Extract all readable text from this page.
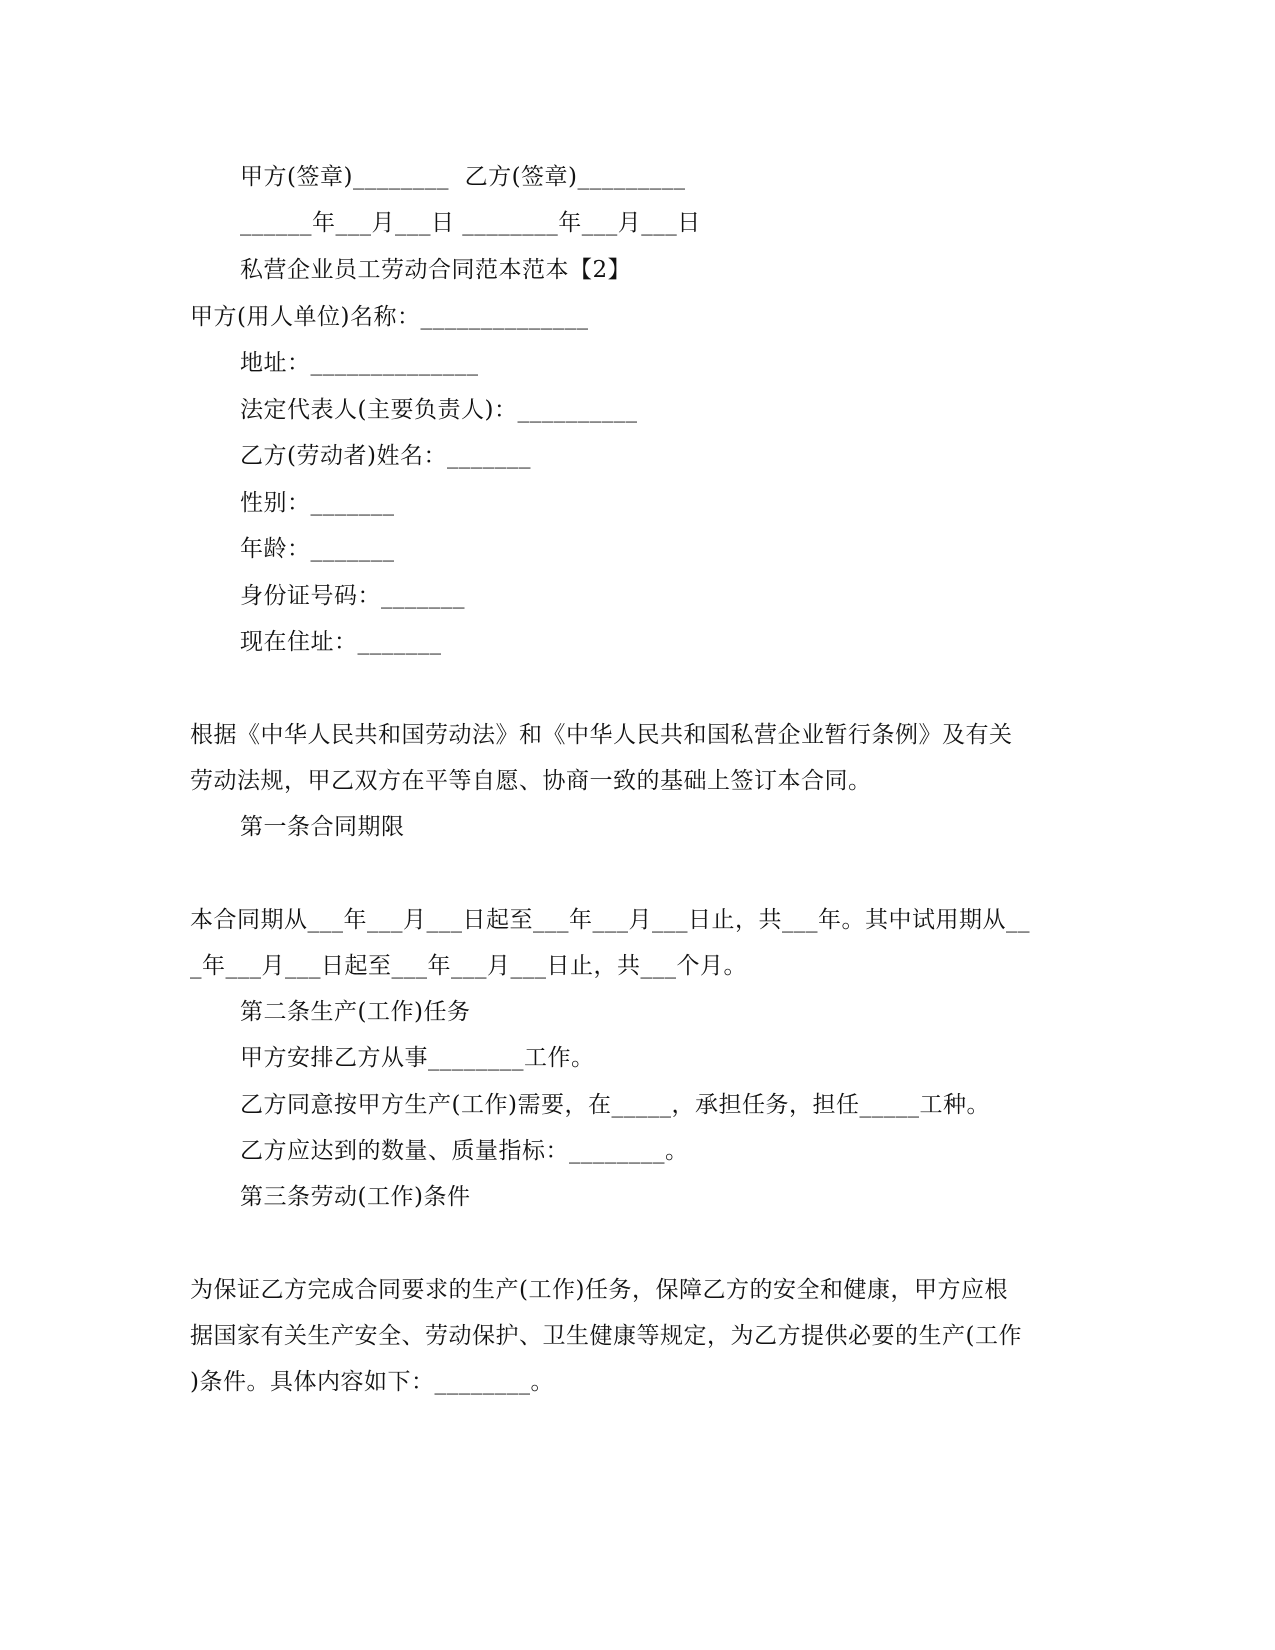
甲方(签章)________  乙方(签章)_________
______年___月___日 ________年___月___日
私营企业员工劳动合同范本范本【2】
甲方(用人单位)名称：______________
地址：______________
法定代表人(主要负责人)：__________
乙方(劳动者)姓名：_______
性别：_______
年龄：_______
身份证号码：_______
现在住址：_______
根据《中华人民共和国劳动法》和《中华人民共和国私营企业暂行条例》及有关
劳动法规，甲乙双方在平等自愿、协商一致的基础上签订本合同。
第一条合同期限
本合同期从___年___月___日起至___年___月___日止，共___年。其中试用期从__
_年___月___日起至___年___月___日止，共___个月。
第二条生产(工作)任务
甲方安排乙方从事________工作。
乙方同意按甲方生产(工作)需要，在_____，承担任务，担任_____工种。
乙方应达到的数量、质量指标：________。
第三条劳动(工作)条件
为保证乙方完成合同要求的生产(工作)任务，保障乙方的安全和健康，甲方应根
据国家有关生产安全、劳动保护、卫生健康等规定，为乙方提供必要的生产(工作
)条件。具体内容如下：________。
